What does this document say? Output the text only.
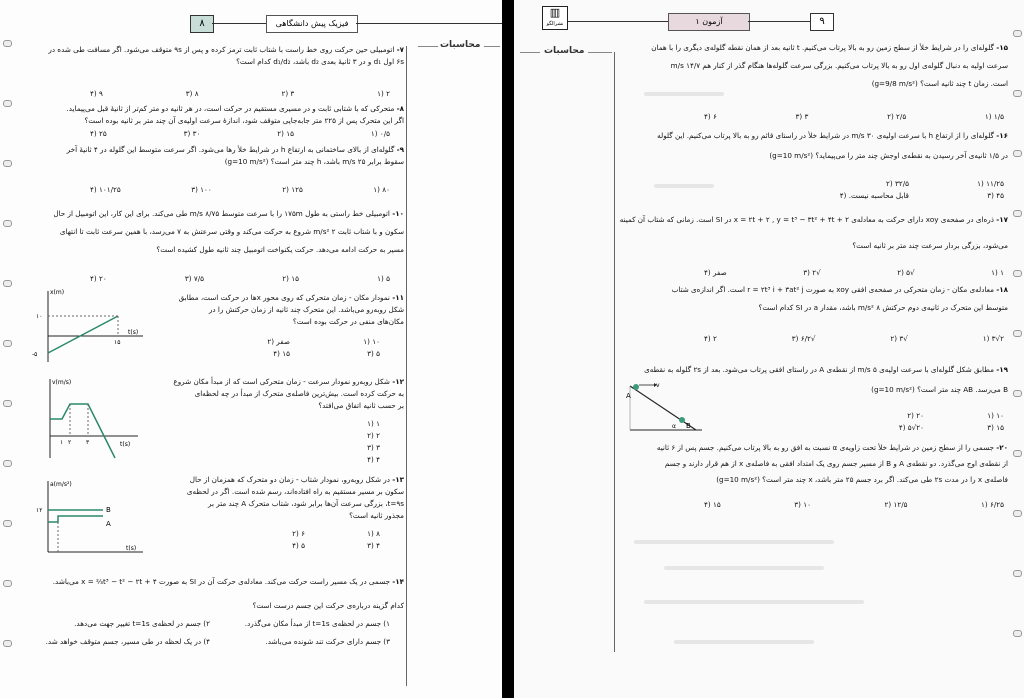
۸	فیزیک پیش دانشگاهی
محاسبات
۷- اتومبیلی حین حرکت روی خط راست با شتاب ثابت ترمز کرده و پس از ۹s متوقف می‌شود. اگر مسافت طی شده در
۶s اول d₁ و در ۳ ثانیهٔ بعدی d₂ باشد، d₁/d₂ کدام است؟
۲ (۱
۳ (۲
۸ (۳
۹ (۴
۸- متحرکی که با شتابی ثابت و در مسیری مستقیم در حرکت است، در هر ثانیه دو متر کم‌تر از ثانیهٔ قبل می‌پیماید.
اگر این متحرک پس از ۲۲۵ متر جابه‌جایی متوقف شود، اندازهٔ سرعت اولیه‌ی آن چند متر بر ثانیه بوده است؟
۰/۵ (۱
۱۵ (۲
۳۰ (۳
۲۵ (۴
۹- گلوله‌ای از بالای ساختمانی به ارتفاع h در شرایط خلأ رها می‌شود. اگر سرعت متوسط این گلوله در ۴ ثانیهٔ آخر
سقوط برابر ۲۵ m/s باشد، h چند متر است؟ (g=10 m/s²)
۸۰ (۱
۱۲۵ (۲
۱۰۰ (۳
۱۰۱/۲۵ (۴
۱۰- اتومبیلی خط راستی به طول ۱۷۵m را با سرعت متوسط ۸/۷۵ m/s طی می‌کند. برای این کار، این اتومبیل از حال
سکون و با شتاب ثابت ۲ m/s² شروع به حرکت می‌کند و وقتی سرعتش به ۷ می‌رسد، با همین سرعت ثابت تا انتهای
مسیر به حرکت ادامه می‌دهد. حرکت یکنواخت اتومبیل چند ثانیه طول کشیده است؟
۵ (۱
۱۵ (۲
۷/۵ (۳
۲۰ (۴
۱۱- نمودار مکان - زمان متحرکی که روی محور xها در حرکت است، مطابق
شکل روبه‌رو می‌باشد. این متحرک چند ثانیه از زمان حرکتش را در
مکان‌های منفی در حرکت بوده است؟
۱۰ (۱
صفر (۲
۵ (۳
۱۵ (۴
x(m)
t(s)
۱۰
-۵
۱۵
۱۲- شکل روبه‌رو نمودار سرعت - زمان متحرکی است که از مبدأ مکان شروع
به حرکت کرده است. بیش‌ترین فاصله‌ی متحرک از مبدأ در چه لحظه‌ای
بر حسب ثانیه اتفاق می‌افتد؟
۱ (۱
۲ (۲
۳ (۳
۴ (۴
v(m/s)
t(s)
۱ ۲ ۳
۱۳- در شکل روبه‌رو، نمودار شتاب - زمان دو متحرک که همزمان از حال
سکون بر مسیر مستقیم به راه افتاده‌اند، رسم شده است. اگر در لحظه‌ی
t=۹s، بزرگی سرعت آن‌ها برابر شود، شتاب متحرک A چند متر بر
مجذور ثانیه است؟
۸ (۱
۶ (۲
۴ (۳
۵ (۴
a(m/s²)
t(s)
۱۲	B
A
۱۴- جسمی در یک مسیر راست حرکت می‌کند. معادله‌ی حرکت آن در SI به صورت x = ⅔t³ − t² − ۲t + ۴ می‌باشد.
کدام گزینه درباره‌ی حرکت این جسم درست است؟
۱) جسم در لحظه‌ی t=1s از مبدأ مکان می‌گذرد.
۲) جسم در لحظه‌ی t=1s تغییر جهت می‌دهد.
۳) جسم دارای حرکت تند شونده می‌باشد.
۴) در یک لحظه در طی مسیر، جسم متوقف خواهد شد.
▥
نشرالگو	آزمون ۱	۹
محاسبات	۱۵- گلوله‌ای را در شرایط خلأ از سطح زمین رو به بالا پرتاب می‌کنیم. t ثانیه بعد از همان نقطه گلوله‌ی دیگری را با همان
سرعت اولیه به دنبال گلوله‌ی اول رو به بالا پرتاب می‌کنیم. بزرگی سرعت گلوله‌ها هنگام گذر از کنار هم ۱۴/۷ m/s
است. زمان t چند ثانیه است؟ (g=9/8 m/s²)
۱/۵ (۱
۲/۵ (۲
۳ (۳
۶ (۴
۱۶- گلوله‌ای را از ارتفاع h با سرعت اولیه‌ی ۳۰ m/s در شرایط خلأ در راستای قائم رو به بالا پرتاب می‌کنیم. این گلوله
در ۱/۵ ثانیه‌ی آخر رسیدن به نقطه‌ی اوجش چند متر را می‌پیماید؟ (g=10 m/s²)
۱۱/۲۵ (۱
۳۲/۵ (۲
۴۵ (۳
قابل محاسبه نیست. (۴
۱۷- ذره‌ای در صفحه‌ی xoy دارای حرکت به معادله‌ی x = ۲t + ۲ , y = t³ − ۳t² + ۴t + ۲ در SI است. زمانی که شتاب آن کمینه
می‌شود، بزرگی بردار سرعت چند متر بر ثانیه است؟
۱ (۱
√۵ (۲
√۲ (۳
صفر (۴
۱۸- معادله‌ی مکان - زمان متحرکی در صفحه‌ی افقی xoy به صورت r = ۲t³ i + ۳at² j است. اگر اندازه‌ی شتاب
متوسط این متحرک در ثانیه‌ی دوم حرکتش ۸ m/s² باشد، مقدار a در SI کدام است؟
۲√۳ (۱
√۳ (۲
√۶/۲ (۳
۲ (۴
۱۹- مطابق شکل گلوله‌ای با سرعت اولیه‌ی ۵ m/s از نقطه‌ی A در راستای افقی پرتاب می‌شود. بعد از ۲s گلوله به نقطه‌ی
B می‌رسد. AB چند متر است؟ (g=10 m/s²)
۱۰ (۱
۲۰ (۲
۱۵ (۳
۲۰√۵ (۴
A
B
v
α
۲۰- جسمی را از سطح زمین در شرایط خلأ تحت زاویه‌ی α نسبت به افق رو به بالا پرتاب می‌کنیم. جسم پس از ۶ ثانیه
از نقطه‌ی اوج می‌گذرد. دو نقطه‌ی A و B از مسیر جسم روی یک امتداد افقی به فاصله‌ی x از هم قرار دارند و جسم
فاصله‌ی x را در مدت ۲s طی می‌کند. اگر برد جسم ۲۵ متر باشد، x چند متر است؟ (g=10 m/s²)
۶/۲۵ (۱
۱۲/۵ (۲
۱۰ (۳
۱۵ (۴
